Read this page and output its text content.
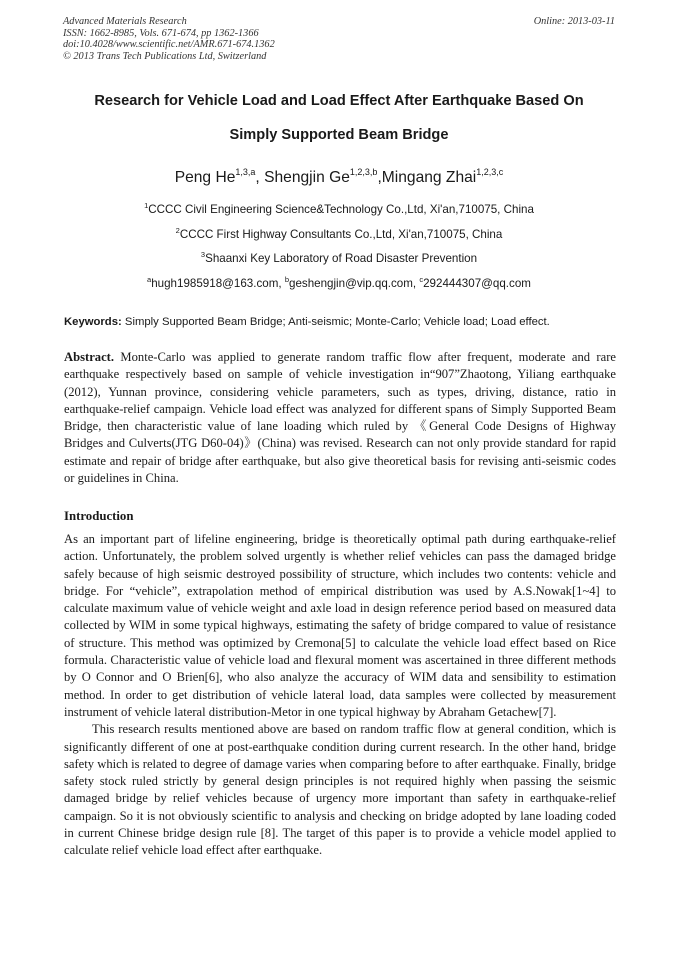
Advanced Materials Research
ISSN: 1662-8985, Vols. 671-674, pp 1362-1366
doi:10.4028/www.scientific.net/AMR.671-674.1362
© 2013 Trans Tech Publications Ltd, Switzerland
Online: 2013-03-11
Research for Vehicle Load and Load Effect After Earthquake Based On
Simply Supported Beam Bridge
Peng He$^{1,3,a}$, Shengjin Ge$^{1,2,3,b}$,Mingang Zhai$^{1,2,3,c}$
$^1$CCCC Civil Engineering Science&Technology Co.,Ltd, Xi'an,710075, China
$^2$CCCC First Highway Consultants Co.,Ltd, Xi'an,710075, China
$^3$Shaanxi Key Laboratory of Road Disaster Prevention
$^a$hugh1985918@163.com, $^b$geshengjin@vip.qq.com, $^c$292444307@qq.com
Keywords: Simply Supported Beam Bridge; Anti-seismic; Monte-Carlo; Vehicle load; Load effect.
Abstract. Monte-Carlo was applied to generate random traffic flow after frequent, moderate and rare earthquake respectively based on sample of vehicle investigation in“907”Zhaotong, Yiliang earthquake (2012), Yunnan province, considering vehicle parameters, such as types, driving, distance, ratio in earthquake-relief campaign. Vehicle load effect was analyzed for different spans of Simply Supported Beam Bridge, then characteristic value of lane loading which ruled by 《General Code Designs of Highway Bridges and Culverts(JTG D60-04)》(China) was revised. Research can not only provide standard for rapid estimate and repair of bridge after earthquake, but also give theoretical basis for revising anti-seismic codes or guidelines in China.
Introduction
As an important part of lifeline engineering, bridge is theoretically optimal path during earthquake-relief action. Unfortunately, the problem solved urgently is whether relief vehicles can pass the damaged bridge safely because of high seismic destroyed possibility of structure, which includes two contents: vehicle and bridge. For “vehicle”, extrapolation method of empirical distribution was used by A.S.Nowak[1~4] to calculate maximum value of vehicle weight and axle load in design reference period based on measured data collected by WIM in some typical highways, estimating the safety of bridge compared to value of resistance of structure. This method was optimized by Cremona[5] to calculate the vehicle load effect based on Rice formula. Characteristic value of vehicle load and flexural moment was ascertained in three different methods by O Connor and O Brien[6], who also analyze the accuracy of WIM data and sensibility to estimation method. In order to get distribution of vehicle lateral load, data samples were collected by measurement instrument of vehicle lateral distribution-Metor in one typical highway by Abraham Getachew[7].
This research results mentioned above are based on random traffic flow at general condition, which is significantly different of one at post-earthquake condition during current research. In the other hand, bridge safety which is related to degree of damage varies when comparing before to after earthquake. Finally, bridge safety stock ruled strictly by general design principles is not required highly when passing the seismic damaged bridge by relief vehicles because of urgency more important than safety in earthquake-relief campaign. So it is not obviously scientific to analysis and checking on bridge adopted by lane loading coded in current Chinese bridge design rule [8]. The target of this paper is to provide a vehicle model applied to calculate relief vehicle load effect after earthquake.
